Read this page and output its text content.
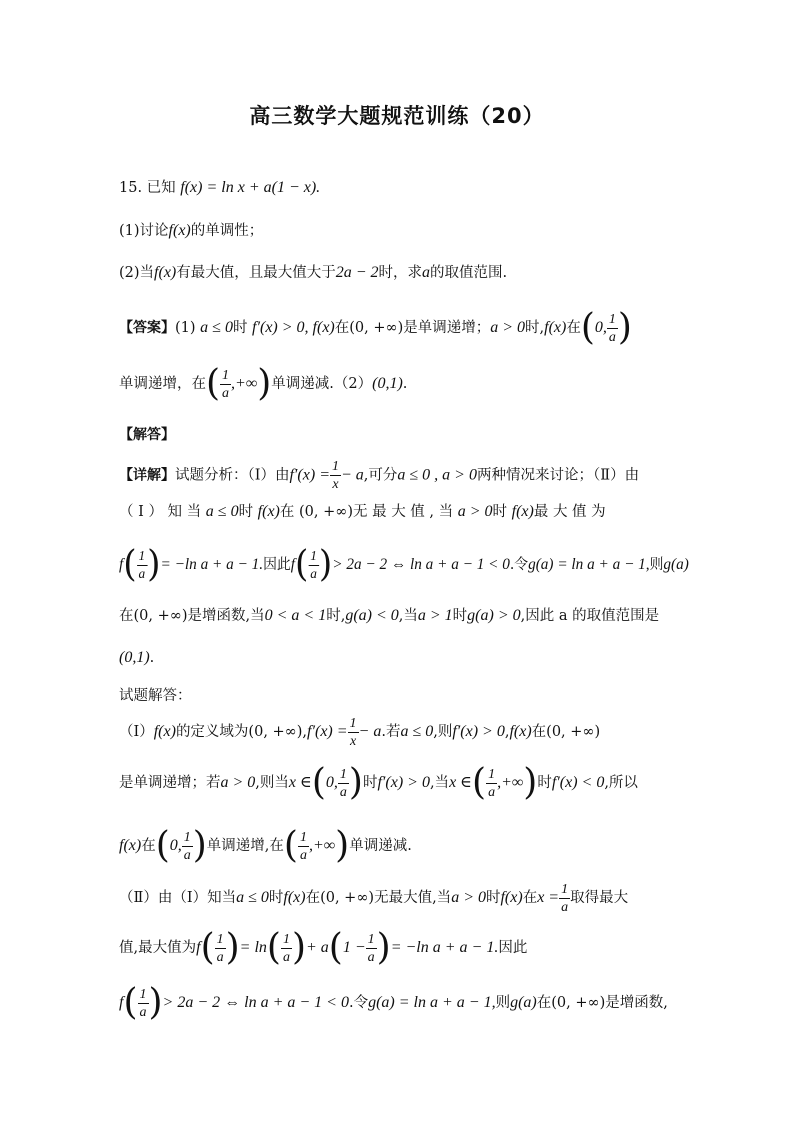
高三数学大题规范训练（20）
15. 已知 f(x) = ln x + a(1 − x).
(1)讨论f(x)的单调性；
(2)当f(x)有最大值，且最大值大于2a − 2时，求a的取值范围.
【答案】(1) a ≤ 0时 f′(x) > 0, f(x)在(0, +∞)是单调递增；a > 0时,f(x)在(0, $\frac{1}{a}$ )
单调递增，在( $\frac{1}{a}$ ,+∞)单调递减.（2）(0,1).
【解答】
【详解】试题分析：（Ⅰ）由$f'(x) = \frac{1}{x} - a$,可分a ≤ 0 , a > 0两种情况来讨论；（Ⅱ）由
（ Ⅰ ） 知 当 a ≤ 0时 f(x)在 (0, +∞)无 最 大 值 , 当 a > 0时 f(x)最 大 值 为
$f( \frac{1}{a}$ )= −ln a + a − 1.因此$f( \frac{1}{a}$ )> 2a − 2 ⇔ ln a + a − 1 < 0.令g(a) = ln a + a − 1,则g(a)
在(0, +∞)是增函数,当0 < a < 1时,g(a) < 0,当a > 1时g(a) > 0,因此 a 的取值范围是
(0,1).
试题解答：
（Ⅰ）f(x)的定义域为(0, $+\infty),f'(x) = \frac{1}{x} - a$.若a ≤ 0,则f′(x) > 0,f(x)在(0, +∞)
是单调递增；若a > 0,则当x ∈(0, $\frac{1}{a}$ )时f′(x) > 0,当x ∈( $\frac{1}{a}$ ,+∞)时f′(x) < 0,所以
f(x)在(0, $\frac{1}{a}$ )单调递增,在( $\frac{1}{a}$ ,+∞)单调递减.
（Ⅱ）由（Ⅰ）知当a ≤ 0时f(x)在(0, +∞)无最大值,当a > 0时f(x)在$x = \frac{1}{a}$ 取得最大
值,最大值为$f( \frac{1}{a}$ )= $\ln( \frac{1}{a}$ )+ $a(1 - \frac{1}{a}$ )= −ln a + a − 1.因此
$f( \frac{1}{a}$ )> 2a − 2 ⇔ ln a + a − 1 < 0.令g(a) = ln a + a − 1,则g(a)在(0, +∞)是增函数,
